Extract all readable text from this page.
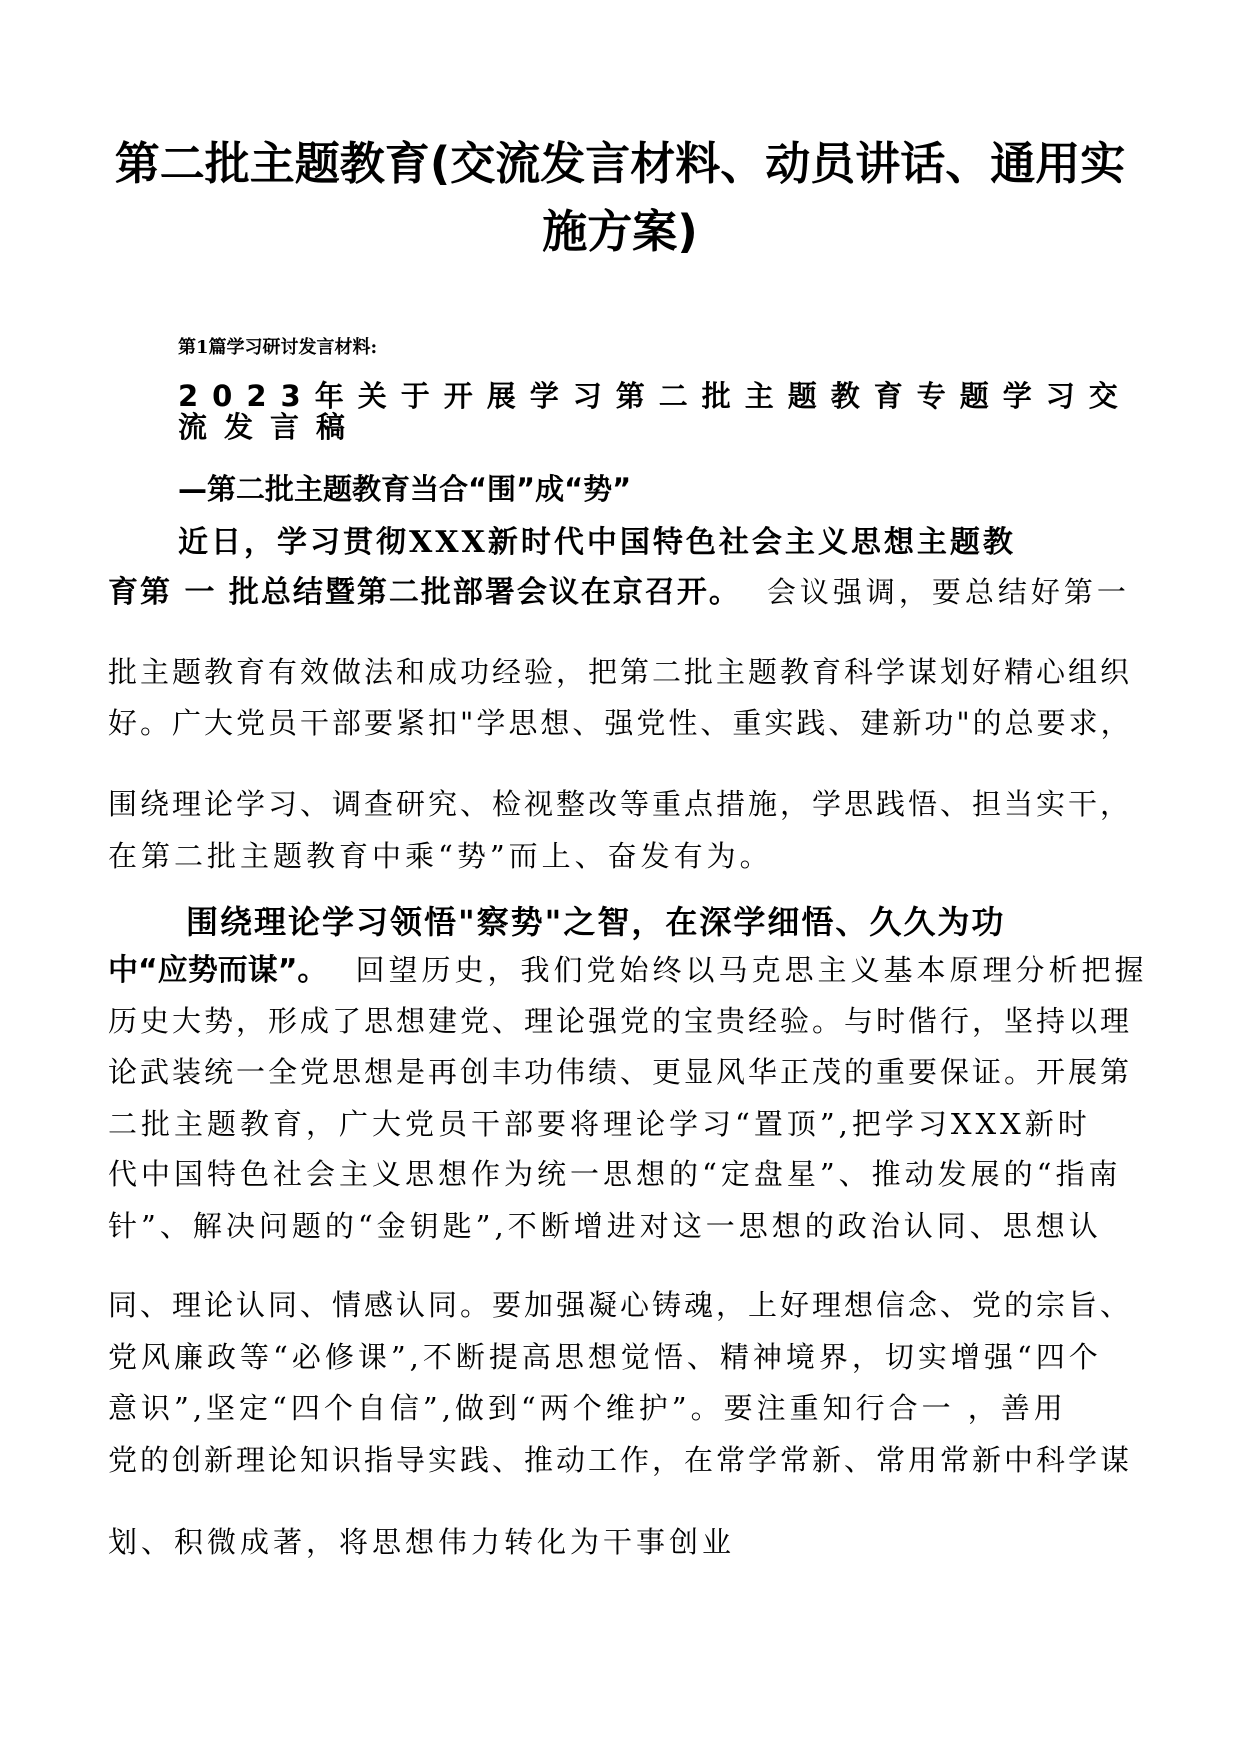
第二批主题教育(交流发言材料、动员讲话、通用实施方案)
第1篇学习研讨发言材料:
2023年关于开展学习第二批主题教育专题学习交
流发言稿
—第二批主题教育当合“围”成“势”
近日，学习贯彻XXX新时代中国特色社会主义思想主题教
育第 一 批总结暨第二批部署会议在京召开。 会议强调，要总结好第一
批主题教育有效做法和成功经验，把第二批主题教育科学谋划好精心组织
好。广大党员干部要紧扣"学思想、强党性、重实践、建新功"的总要求，
围绕理论学习、调查研究、检视整改等重点措施，学思践悟、担当实干，
在第二批主题教育中乘“势”而上、奋发有为。
围绕理论学习领悟"察势"之智，在深学细悟、久久为功
中“应势而谋”。 回望历史，我们党始终以马克思主义基本原理分析把握
历史大势，形成了思想建党、理论强党的宝贵经验。与时偕行，坚持以理
论武装统一全党思想是再创丰功伟绩、更显风华正茂的重要保证。开展第
二批主题教育，广大党员干部要将理论学习“置顶”,把学习XXX新时
代中国特色社会主义思想作为统一思想的“定盘星”、推动发展的“指南
针”、解决问题的“金钥匙”,不断增进对这一思想的政治认同、思想认
同、理论认同、情感认同。要加强凝心铸魂，上好理想信念、党的宗旨、
党风廉政等“必修课”,不断提高思想觉悟、精神境界，切实增强“四个
意识”,坚定“四个自信”,做到“两个维护”。要注重知行合一 ，善用
党的创新理论知识指导实践、推动工作，在常学常新、常用常新中科学谋
划、积微成著，将思想伟力转化为干事创业
